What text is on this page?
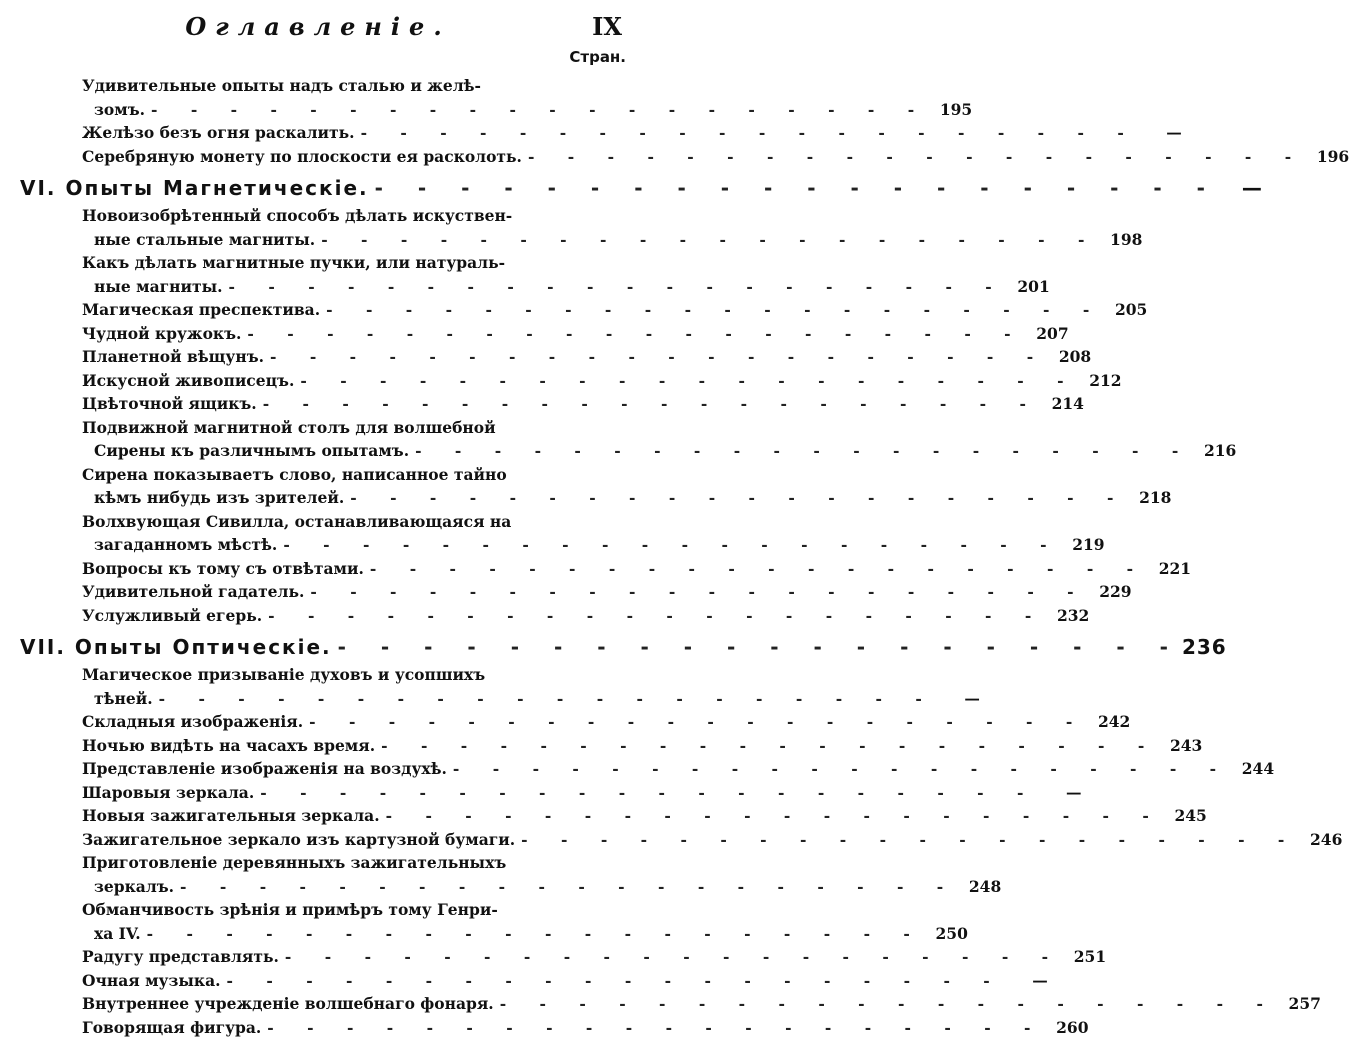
Оглавленіе.	IX
Стран.
Удивительные опыты надъ сталью и желѣ-
зомъ. - - - - - - - - - - - - - - - - - - - - 195
Желѣзо безъ огня раскалить. - - - - - - - - - - - - - - - - - - - -	—
Серебряную монету по плоскости ея расколоть. - - - - - - - - - - - - - - - - - - - - 196
VI. Опыты Магнетическіе. - - - - - - - - - - - - - - - - - - - -	—
Новоизобрѣтенный способъ дѣлать искуствен-
ные стальные магниты. - - - - - - - - - - - - - - - - - - - - 198
Какъ дѣлать магнитные пучки, или натураль-
ные магниты. - - - - - - - - - - - - - - - - - - - - 201
Магическая преспектива. - - - - - - - - - - - - - - - - - - - - 205
Чудной кружокъ. - - - - - - - - - - - - - - - - - - - - 207
Планетной вѣщунъ. - - - - - - - - - - - - - - - - - - - - 208
Искусной живописецъ. - - - - - - - - - - - - - - - - - - - - 212
Цвѣточной ящикъ. - - - - - - - - - - - - - - - - - - - - 214
Подвижной магнитной столъ для волшебной
Сирены къ различнымъ опытамъ. - - - - - - - - - - - - - - - - - - - - 216
Сирена показываетъ слово, написанное тайно
кѣмъ нибудь изъ зрителей. - - - - - - - - - - - - - - - - - - - - 218
Волхвующая Сивилла, останавливающаяся на
загаданномъ мѣстѣ. - - - - - - - - - - - - - - - - - - - - 219
Вопросы къ тому съ отвѣтами. - - - - - - - - - - - - - - - - - - - - 221
Удивительной гадатель. - - - - - - - - - - - - - - - - - - - - 229
Услужливый егерь. - - - - - - - - - - - - - - - - - - - - 232
VII. Опыты Оптическіе. - - - - - - - - - - - - - - - - - - - - 236
Магическое призываніе духовъ и усопшихъ
тѣней. - - - - - - - - - - - - - - - - - - - -	—
Складныя изображенія. - - - - - - - - - - - - - - - - - - - - 242
Ночью видѣть на часахъ время. - - - - - - - - - - - - - - - - - - - - 243
Представленіе изображенія на воздухѣ. - - - - - - - - - - - - - - - - - - - - 244
Шаровыя зеркала. - - - - - - - - - - - - - - - - - - - -	—
Новыя зажигательныя зеркала. - - - - - - - - - - - - - - - - - - - - 245
Зажигательное зеркало изъ картузной бумаги. - - - - - - - - - - - - - - - - - - - - 246
Приготовленіе деревянныхъ зажигательныхъ
зеркалъ. - - - - - - - - - - - - - - - - - - - - 248
Обманчивость зрѣнія и примѣръ тому Генри-
ха IV. - - - - - - - - - - - - - - - - - - - - 250
Радугу представлять. - - - - - - - - - - - - - - - - - - - - 251
Очная музыка. - - - - - - - - - - - - - - - - - - - -	—
Внутреннее учрежденіе волшебнаго фонаря. - - - - - - - - - - - - - - - - - - - - 257
Говорящая фигура. - - - - - - - - - - - - - - - - - - - - 260
